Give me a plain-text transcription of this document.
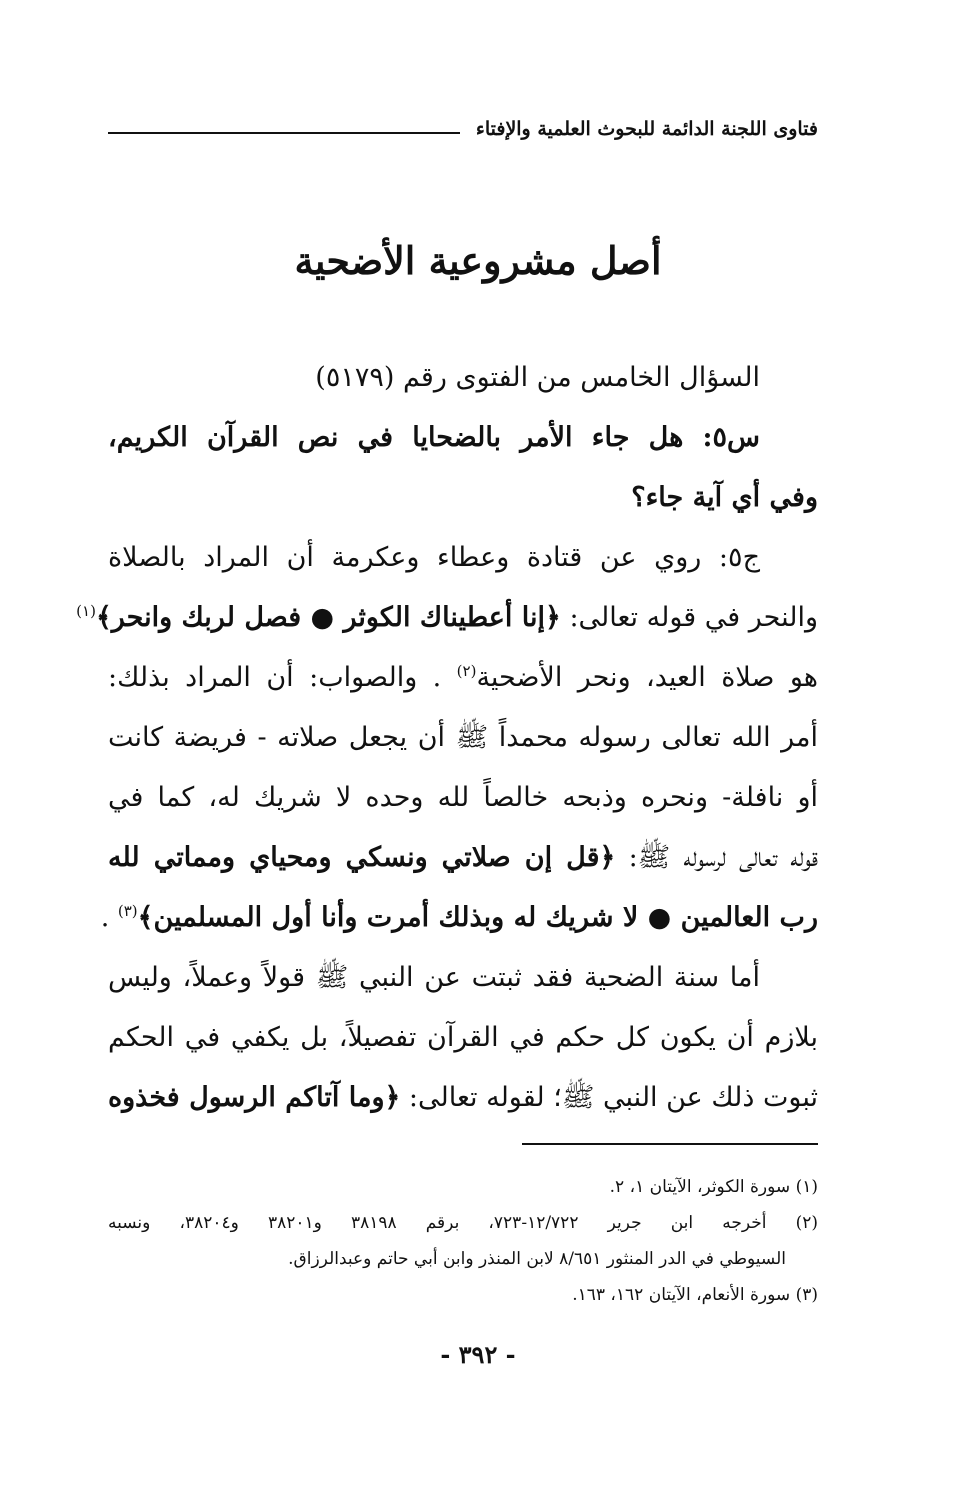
فتاوى اللجنة الدائمة للبحوث العلمية والإفتاء
أصل مشروعية الأضحية
السؤال الخامس من الفتوى رقم (٥١٧٩)
س٥: هل جاء الأمر بالضحايا في نص القرآن الكريم،
وفي أي آية جاء؟
ج٥: روي عن قتادة وعطاء وعكرمة أن المراد بالصلاة
والنحر في قوله تعالى: ﴿إنا أعطيناك الكوثر ● فصل لربك وانحر﴾$^{(١)}$
هو صلاة العيد، ونحر الأضحية$^{(٢)}$ . والصواب: أن المراد بذلك:
أمر الله تعالى رسوله محمداً ﷺ أن يجعل صلاته - فريضة كانت
أو نافلة- ونحره وذبحه خالصاً لله وحده لا شريك له، كما في
قوله تعالى لرسوله ﷺ: ﴿قل إن صلاتي ونسكي ومحياي ومماتي لله
رب العالمين ● لا شريك له وبذلك أمرت وأنا أول المسلمين﴾$^{(٣)}$ .
أما سنة الضحية فقد ثبتت عن النبي ﷺ قولاً وعملاً، وليس
بلازم أن يكون كل حكم في القرآن تفصيلاً، بل يكفي في الحكم
ثبوت ذلك عن النبي ﷺ؛ لقوله تعالى: ﴿وما آتاكم الرسول فخذوه
(١) سورة الكوثر، الآيتان ١، ٢.
(٢) أخرجه ابن جرير ١٢/٧٢٢-٧٢٣، برقم ٣٨١٩٨ و٣٨٢٠١ و٣٨٢٠٤، ونسبه
السيوطي في الدر المنثور ٨/٦٥١ لابن المنذر وابن أبي حاتم وعبدالرزاق.
(٣) سورة الأنعام، الآيتان ١٦٢، ١٦٣.
- ٣٩٢ -
